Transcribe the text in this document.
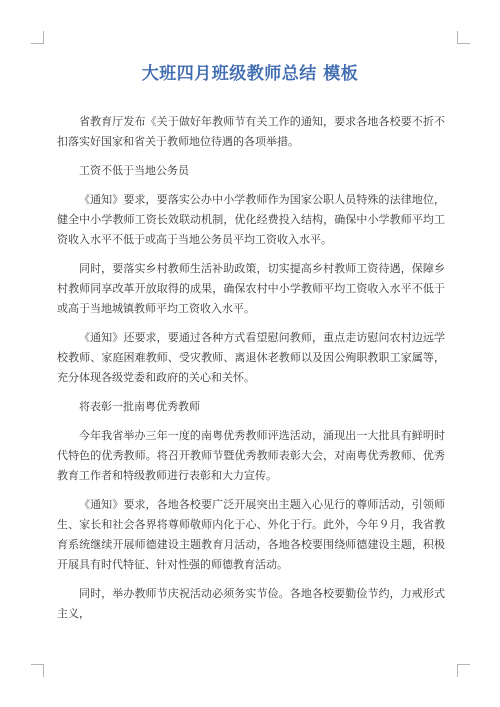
大班四月班级教师总结 模板

省教育厅发布《关于做好年教师节有关工作的通知，要求各地各校要不折不扣落实好国家和省关于教师地位待遇的各项举措。

工资不低于当地公务员

《通知》要求，要落实公办中小学教师作为国家公职人员特殊的法律地位，健全中小学教师工资长效联动机制，优化经费投入结构，确保中小学教师平均工资收入水平不低于或高于当地公务员平均工资收入水平。

同时，要落实乡村教师生活补助政策，切实提高乡村教师工资待遇，保障乡村教师同享改革开放取得的成果，确保农村中小学教师平均工资收入水平不低于或高于当地城镇教师平均工资收入水平。

《通知》还要求，要通过各种方式看望慰问教师，重点走访慰问农村边远学校教师、家庭困难教师、受灾教师、离退休老教师以及因公殉职教职工家属等，充分体现各级党委和政府的关心和关怀。

将表彰一批南粤优秀教师

今年我省举办三年一度的南粤优秀教师评选活动，涌现出一大批具有鲜明时代特色的优秀教师。将召开教师节暨优秀教师表彰大会，对南粤优秀教师、优秀教育工作者和特级教师进行表彰和大力宣传。

《通知》要求，各地各校要广泛开展突出主题入心见行的尊师活动，引领师生、家长和社会各界将尊师敬师内化于心、外化于行。此外，今年９月，我省教育系统继续开展师德建设主题教育月活动，各地各校要围绕师德建设主题，积极开展具有时代特征、针对性强的师德教育活动。

同时，举办教师节庆祝活动必须务实节俭。各地各校要勤俭节约，力戒形式主义，
